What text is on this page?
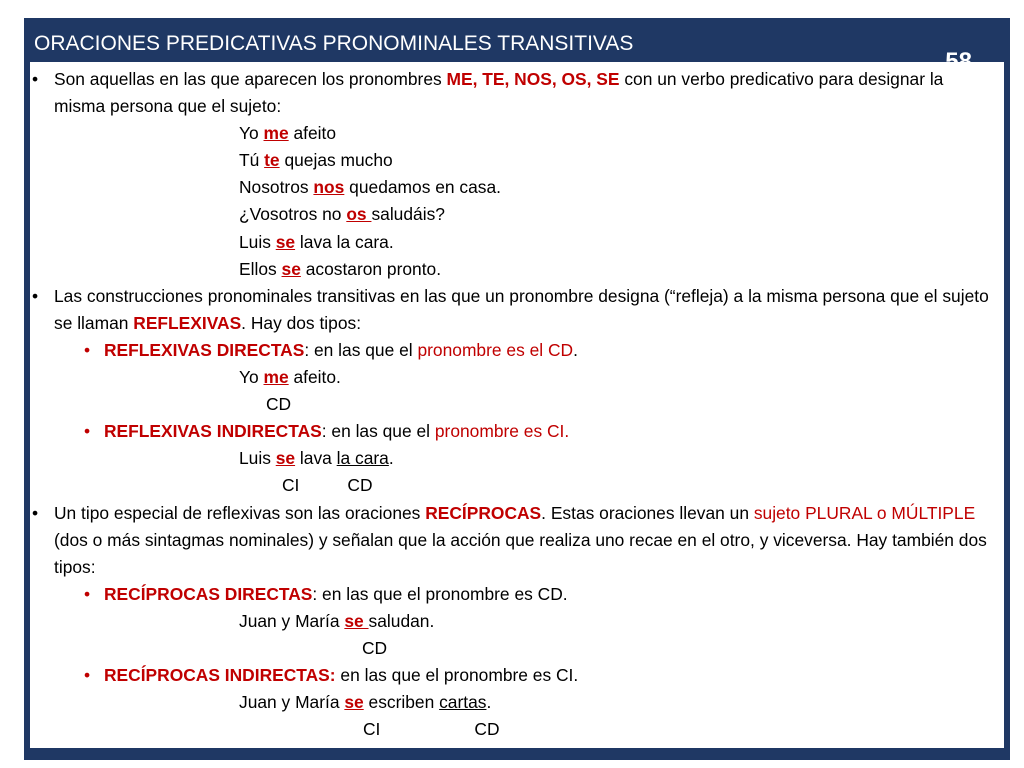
ORACIONES PREDICATIVAS PRONOMINALES TRANSITIVAS
• Son aquellas en las que aparecen los pronombres ME, TE, NOS, OS, SE con un verbo predicativo para designar la misma persona que el sujeto:
Yo me afeito
Tú te quejas mucho
Nosotros nos quedamos en casa.
¿Vosotros no os saludáis?
Luis se lava la cara.
Ellos se acostaron pronto.
• Las construcciones pronominales transitivas en las que un pronombre designa (“refleja) a la misma persona que el sujeto se llaman REFLEXIVAS. Hay dos tipos:
• REFLEXIVAS DIRECTAS: en las que el pronombre es el CD.
Yo me afeito.
CD
• REFLEXIVAS INDIRECTAS: en las que el pronombre es CI.
Luis se lava la cara.
CI	CD
• Un tipo especial de reflexivas son las oraciones RECÍPROCAS. Estas oraciones llevan un sujeto PLURAL o MÚLTIPLE (dos o más sintagmas nominales) y señalan que la acción que realiza uno recae en el otro, y viceversa. Hay también dos tipos:
• RECÍPROCAS DIRECTAS: en las que el pronombre es CD.
Juan y María se saludan.
CD
• RECÍPROCAS INDIRECTAS: en las que el pronombre es CI.
Juan y María se escriben cartas.
CI	CD
